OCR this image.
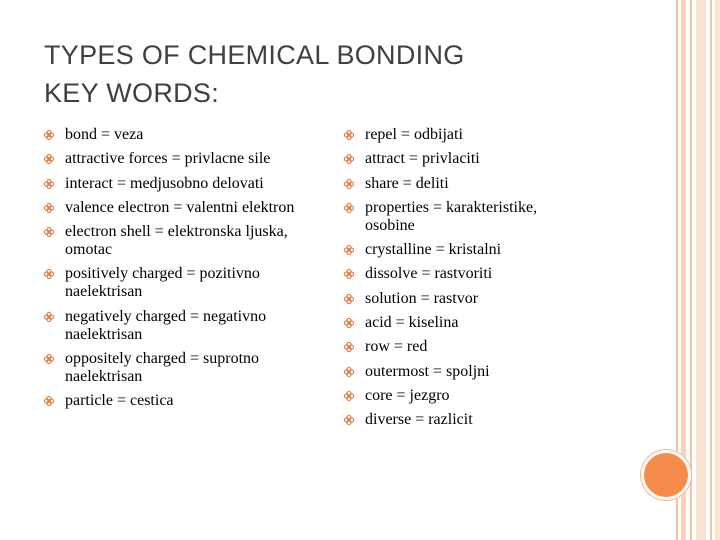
TYPES OF CHEMICAL BONDING
KEY WORDS:
bond = veza
attractive forces = privlacne sile
interact = medjusobno delovati
valence electron = valentni elektron
electron shell = elektronska ljuska, omotac
positively charged = pozitivno naelektrisan
negatively charged = negativno naelektrisan
oppositely charged = suprotno naelektrisan
particle = cestica
repel = odbijati
attract = privlaciti
share = deliti
properties = karakteristike, osobine
crystalline = kristalni
dissolve = rastvoriti
solution = rastvor
acid = kiselina
row = red
outermost = spoljni
core = jezgro
diverse = razlicit
